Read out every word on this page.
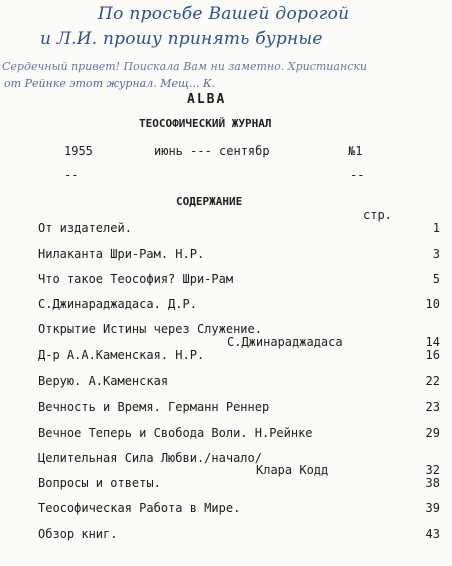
По просьбе Вашей дорогой
и Л.И. прошу принять бурные
Сердечный привет! Поискала Вам ни заметно. Христиански
от Рейнке этот журнал. Мещ... К.
ALBA
ТЕОСОФИЧЕСКИЙ ЖУРНАЛ
1955	июнь --- сентябр	№1
--	--
СОДЕРЖАНИЕ
стр.
От издателей.	1
Нилаканта Шри-Рам. Н.Р.	3
Что такое Теософия? Шри-Рам	5
С.Джинараджадаса. Д.Р.	10
Открытие Истины через Служение.
С.Джинараджадаса	14
Д-р А.А.Каменская. Н.Р.	16
Верую. А.Каменская	22
Вечность и Время. Германн Реннер	23
Вечное Теперь и Свобода Воли. Н.Рейнке	29
Целительная Сила Любви./начало/
Клара Кодд	32
Вопросы и ответы.	38
Теософическая Работа в Мире.	39
Обзор книг.	43
